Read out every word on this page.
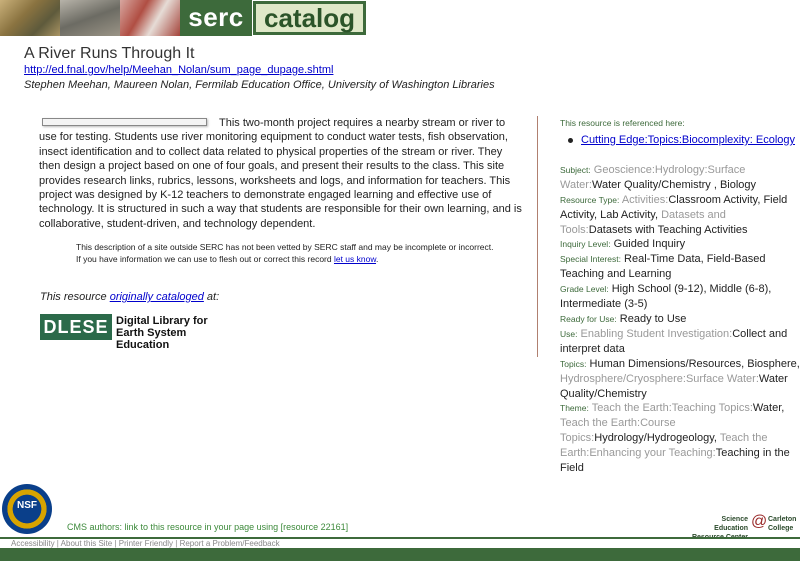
serc catalog
A River Runs Through It
http://ed.fnal.gov/help/Meehan_Nolan/sum_page_dupage.shtml
Stephen Meehan, Maureen Nolan, Fermilab Education Office, University of Washington Libraries

This two-month project requires a nearby stream or river to use for testing. Students use river monitoring equipment to conduct water tests, fish observation, insect identification and to collect data related to physical properties of the stream or river. They then design a project based on one of four goals, and present their results to the class. This site provides research links, rubrics, lessons, worksheets and logs, and information for teachers. This project was designed by K-12 teachers to demonstrate engaged learning and effective use of technology. It is structured in such a way that students are responsible for their own learning, and is collaborative, student-driven, and technology dependent.

This description of a site outside SERC has not been vetted by SERC staff and may be incomplete or incorrect. If you have information we can use to flesh out or correct this record let us know.

This resource originally cataloged at:

DLESE Digital Library for
Earth System Education
This resource is referenced here:
Cutting Edge:Topics:Biocomplexity: Ecology
Subject: Geoscience:Hydrology:Surface Water:Water Quality/Chemistry , Biology
Resource Type: Activities:Classroom Activity, Field Activity, Lab Activity, Datasets and Tools:Datasets with Teaching Activities
Inquiry Level: Guided Inquiry
Special Interest: Real-Time Data, Field-Based Teaching and Learning
Grade Level: High School (9-12), Middle (6-8), Intermediate (3-5)
Ready for Use: Ready to Use
Use: Enabling Student Investigation:Collect and interpret data
Topics: Human Dimensions/Resources, Biosphere, Hydrosphere/Cryosphere:Surface Water:Water Quality/Chemistry
Theme: Teach the Earth:Teaching Topics:Water, Teach the Earth:Course Topics:Hydrology/Hydrogeology, Teach the Earth:Enhancing your Teaching:Teaching in the Field
NSF
CMS authors: link to this resource in your page using [resource 22161]
Science Education @ Carleton
College
Accessibility | About this Site | Printer Friendly | Report a Problem/Feedback
